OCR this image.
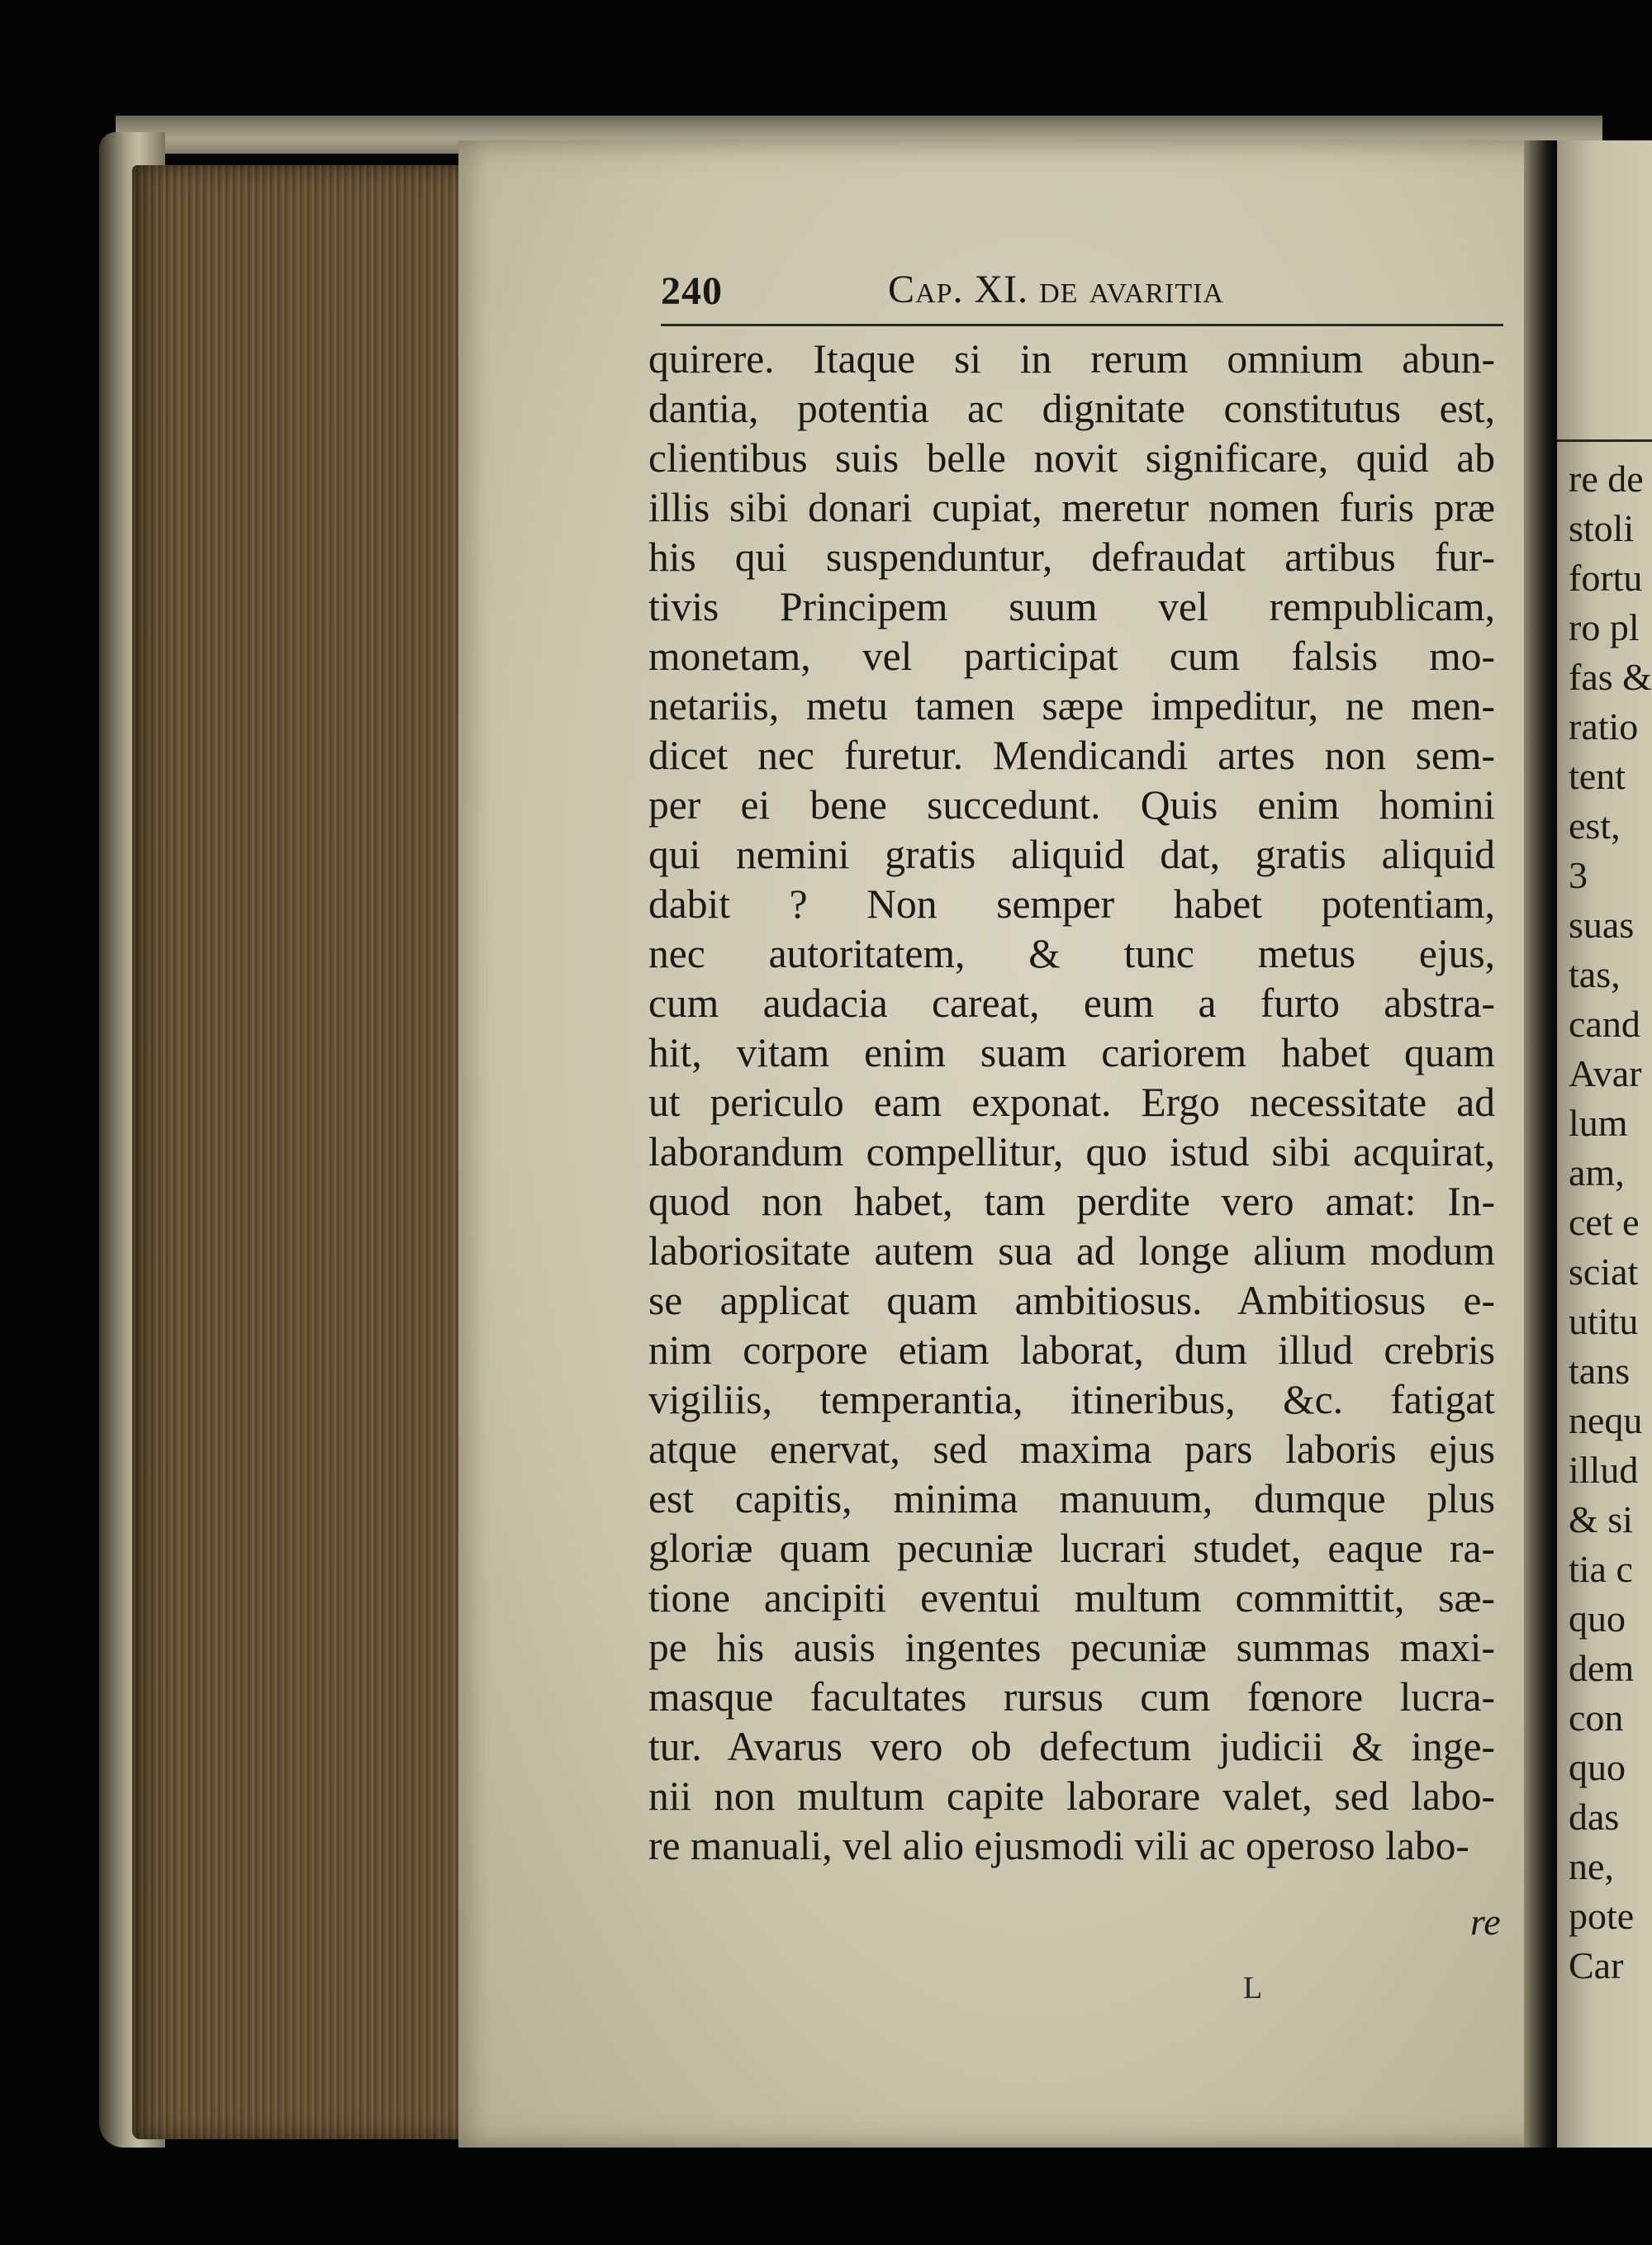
re de
stoli
fortu
ro pl
fas &
ratio
tent
est,
3
suas
tas,
cand
Avar
lum
am,
cet e
sciat
utitu
tans
nequ
illud
& si
tia c
quo
dem
con
quo
das
ne,
pote
Car
240	Cap. XI. de avaritia
quirere. Itaque si in rerum omnium abun-
dantia, potentia ac dignitate constitutus est,
clientibus suis belle novit significare, quid ab
illis sibi donari cupiat, meretur nomen furis præ
his qui suspenduntur, defraudat artibus fur-
tivis Principem suum vel rempublicam,
monetam, vel participat cum falsis mo-
netariis, metu tamen sæpe impeditur, ne men-
dicet nec furetur. Mendicandi artes non sem-
per ei bene succedunt. Quis enim homini
qui nemini gratis aliquid dat, gratis aliquid
dabit ? Non semper habet potentiam,
nec autoritatem, & tunc metus ejus,
cum audacia careat, eum a furto abstra-
hit, vitam enim suam cariorem habet quam
ut periculo eam exponat. Ergo necessitate ad
laborandum compellitur, quo istud sibi acquirat,
quod non habet, tam perdite vero amat: In-
laboriositate autem sua ad longe alium modum
se applicat quam ambitiosus. Ambitiosus e-
nim corpore etiam laborat, dum illud crebris
vigiliis, temperantia, itineribus, &c. fatigat
atque enervat, sed maxima pars laboris ejus
est capitis, minima manuum, dumque plus
gloriæ quam pecuniæ lucrari studet, eaque ra-
tione ancipiti eventui multum committit, sæ-
pe his ausis ingentes pecuniæ summas maxi-
masque facultates rursus cum fœnore lucra-
tur. Avarus vero ob defectum judicii & inge-
nii non multum capite laborare valet, sed labo-
re manuali, vel alio ejusmodi vili ac operoso labo-
re
L
